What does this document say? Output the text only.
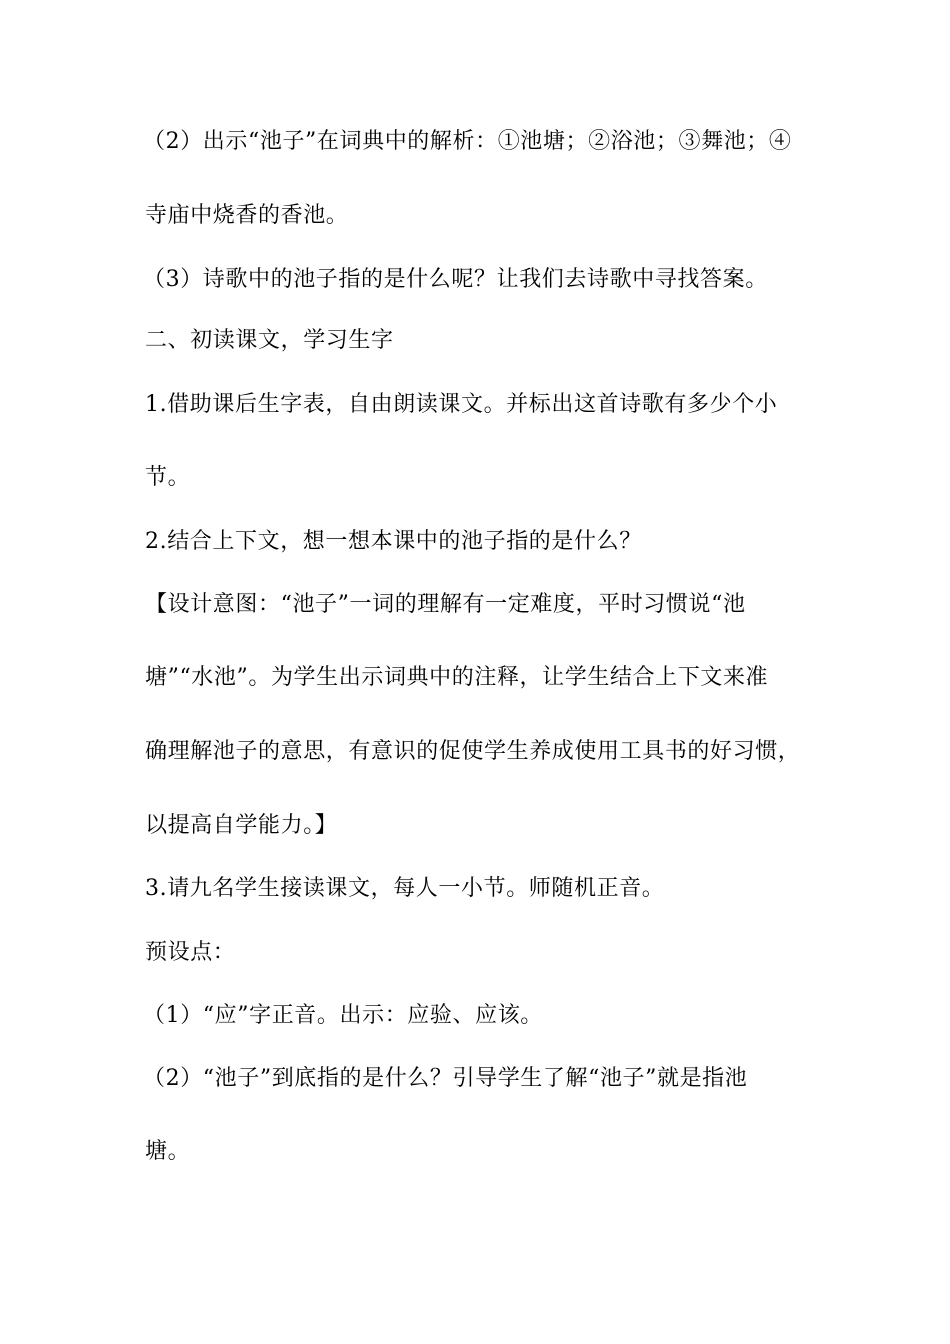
（2）出示“池子”在词典中的解析：①池塘；②浴池；③舞池；④
寺庙中烧香的香池。
（3）诗歌中的池子指的是什么呢？让我们去诗歌中寻找答案。
二、初读课文，学习生字
1.借助课后生字表，自由朗读课文。并标出这首诗歌有多少个小
节。
2.结合上下文，想一想本课中的池子指的是什么？
【设计意图：“池子”一词的理解有一定难度，平时习惯说“池
塘”“水池”。为学生出示词典中的注释，让学生结合上下文来准
确理解池子的意思，有意识的促使学生养成使用工具书的好习惯，
以提高自学能力。】
3.请九名学生接读课文，每人一小节。师随机正音。
预设点：
（1）“应”字正音。出示：应验、应该。
（2）“池子”到底指的是什么？引导学生了解“池子”就是指池
塘。
